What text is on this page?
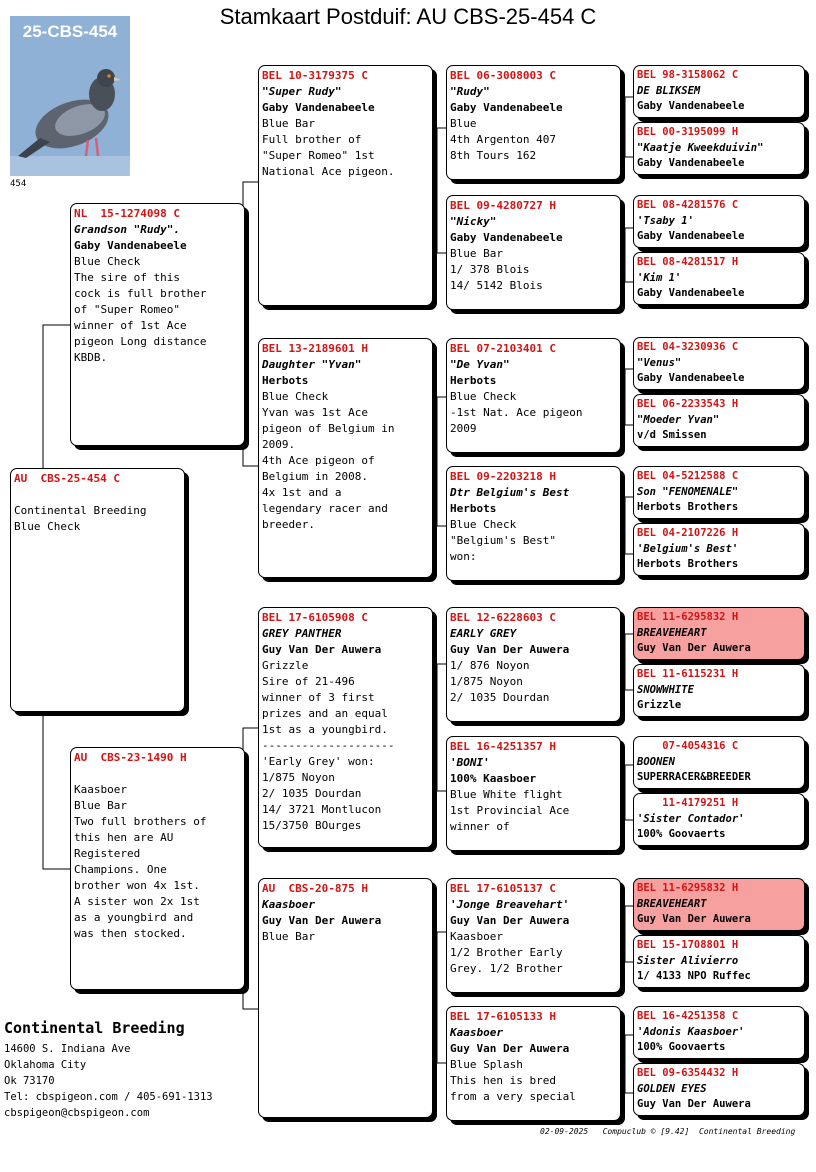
Stamkaart Postduif: AU CBS-25-454 C
25-CBS-454
454
AU  CBS-25-454 C

Continental Breeding
Blue Check
NL  15-1274098 C
Grandson "Rudy".
Gaby Vandenabeele
Blue Check
The sire of this
cock is full brother
of "Super Romeo"
winner of 1st Ace
pigeon Long distance
KBDB.
AU  CBS-23-1490 H

Kaasboer
Blue Bar
Two full brothers of
this hen are AU
Registered
Champions. One
brother won 4x 1st.
A sister won 2x 1st
as a youngbird and
was then stocked.
BEL 10-3179375 C
"Super Rudy"
Gaby Vandenabeele
Blue Bar
Full brother of
"Super Romeo" 1st
National Ace pigeon.
BEL 13-2189601 H
Daughter "Yvan"
Herbots
Blue Check
Yvan was 1st Ace
pigeon of Belgium in
2009.
4th Ace pigeon of
Belgium in 2008.
4x 1st and a
legendary racer and
breeder.
BEL 17-6105908 C
GREY PANTHER
Guy Van Der Auwera
Grizzle
Sire of 21-496
winner of 3 first
prizes and an equal
1st as a youngbird.
--------------------
'Early Grey' won:
1/875 Noyon
2/ 1035 Dourdan
14/ 3721 Montlucon
15/3750 BOurges
AU  CBS-20-875 H
Kaasboer
Guy Van Der Auwera
Blue Bar
BEL 06-3008003 C
"Rudy"
Gaby Vandenabeele
Blue
4th Argenton 407
8th Tours 162
BEL 09-4280727 H
"Nicky"
Gaby Vandenabeele
Blue Bar
1/ 378 Blois
14/ 5142 Blois
BEL 07-2103401 C
"De Yvan"
Herbots
Blue Check
-1st Nat. Ace pigeon
2009
BEL 09-2203218 H
Dtr Belgium's Best
Herbots
Blue Check
"Belgium's Best"
won:
BEL 12-6228603 C
EARLY GREY
Guy Van Der Auwera
1/ 876 Noyon
1/875 Noyon
2/ 1035 Dourdan
BEL 16-4251357 H
'BONI'
100% Kaasboer
Blue White flight
1st Provincial Ace
winner of
BEL 17-6105137 C
'Jonge Breavehart'
Guy Van Der Auwera
Kaasboer
1/2 Brother Early
Grey. 1/2 Brother
BEL 17-6105133 H
Kaasboer
Guy Van Der Auwera
Blue Splash
This hen is bred
from a very special
BEL 98-3158062 C
DE BLIKSEM
Gaby Vandenabeele
BEL 00-3195099 H
"Kaatje Kweekduivin"
Gaby Vandenabeele
BEL 08-4281576 C
'Tsaby 1'
Gaby Vandenabeele
BEL 08-4281517 H
'Kim 1'
Gaby Vandenabeele
BEL 04-3230936 C
"Venus"
Gaby Vandenabeele
BEL 06-2233543 H
"Moeder Yvan"
v/d Smissen
BEL 04-5212588 C
Son "FENOMENALE"
Herbots Brothers
BEL 04-2107226 H
'Belgium's Best'
Herbots Brothers
BEL 11-6295832 H
BREAVEHEART
Guy Van Der Auwera
BEL 11-6115231 H
SNOWWHITE
Grizzle
07-4054316 C
BOONEN
SUPERRACER&BREEDER
11-4179251 H
'Sister Contador'
100% Goovaerts
BEL 11-6295832 H
BREAVEHEART
Guy Van Der Auwera
BEL 15-1708801 H
Sister Alivierro
1/ 4133 NPO Ruffec
BEL 16-4251358 C
'Adonis Kaasboer'
100% Goovaerts
BEL 09-6354432 H
GOLDEN EYES
Guy Van Der Auwera
Continental Breeding
14600 S. Indiana Ave
Oklahoma City
Ok 73170
Tel: cbspigeon.com / 405-691-1313
cbspigeon@cbspigeon.com
02-09-2025   Compuclub © [9.42]  Continental Breeding
